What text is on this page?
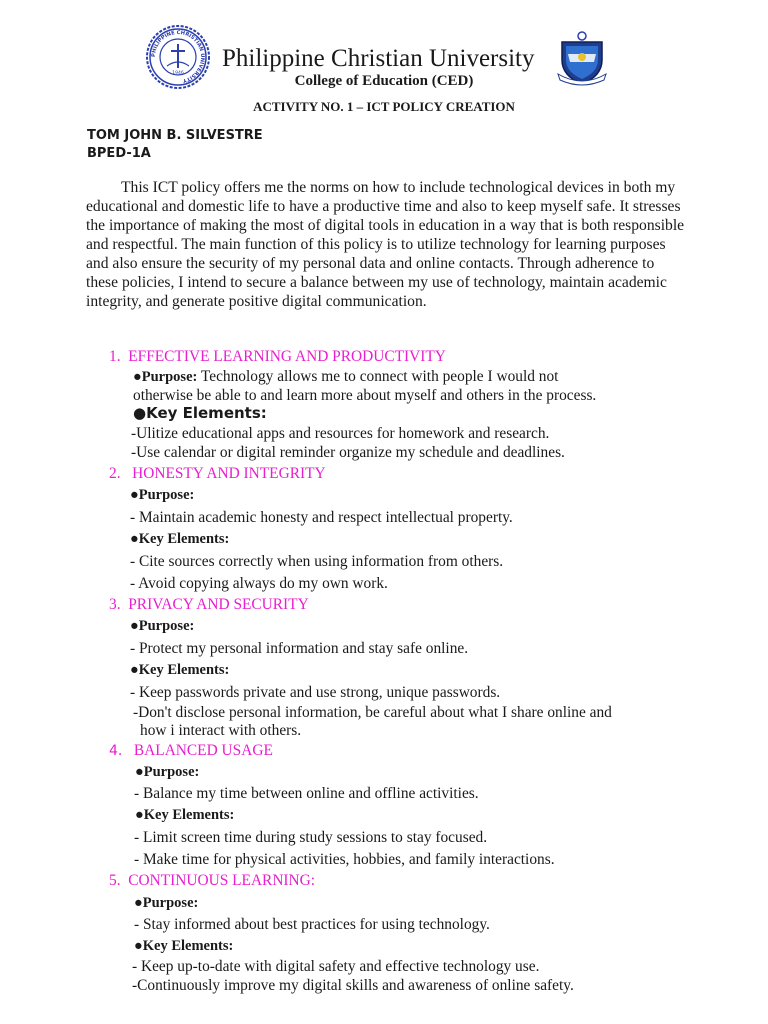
PHILIPPINE CHRISTIAN UNIVERSITY
1946
Philippine Christian University
College of Education (CED)
ACTIVITY NO. 1 – ICT POLICY CREATION
TOM JOHN B. SILVESTRE
BPED-1A

This ICT policy offers me the norms on how to include technological devices in both my educational and domestic life to have a productive time and also to keep myself safe. It stresses the importance of making the most of digital tools in education in a way that is both responsible and respectful. The main function of this policy is to utilize technology for learning purposes and also ensure the security of my personal data and online contacts. Through adherence to these policies, I intend to secure a balance between my use of technology, maintain academic integrity, and generate positive digital communication.

1. EFFECTIVE LEARNING AND PRODUCTIVITY
●Purpose: Technology allows me to connect with people I would not
otherwise be able to and learn more about myself and others in the process.
●Key Elements:
-Ulitize educational apps and resources for homework and research.
-Use calendar or digital reminder organize my schedule and deadlines.
2. HONESTY AND INTEGRITY
●Purpose:
- Maintain academic honesty and respect intellectual property.
●Key Elements:
- Cite sources correctly when using information from others.
- Avoid copying always do my own work.
3. PRIVACY AND SECURITY
●Purpose:
- Protect my personal information and stay safe online.
●Key Elements:
- Keep passwords private and use strong, unique passwords.
-Don't disclose personal information, be careful about what I share online and
how i interact with others.
4. BALANCED USAGE
●Purpose:
- Balance my time between online and offline activities.
●Key Elements:
- Limit screen time during study sessions to stay focused.
- Make time for physical activities, hobbies, and family interactions.
5. CONTINUOUS LEARNING:
●Purpose:
- Stay informed about best practices for using technology.
●Key Elements:
- Keep up-to-date with digital safety and effective technology use.
-Continuously improve my digital skills and awareness of online safety.
